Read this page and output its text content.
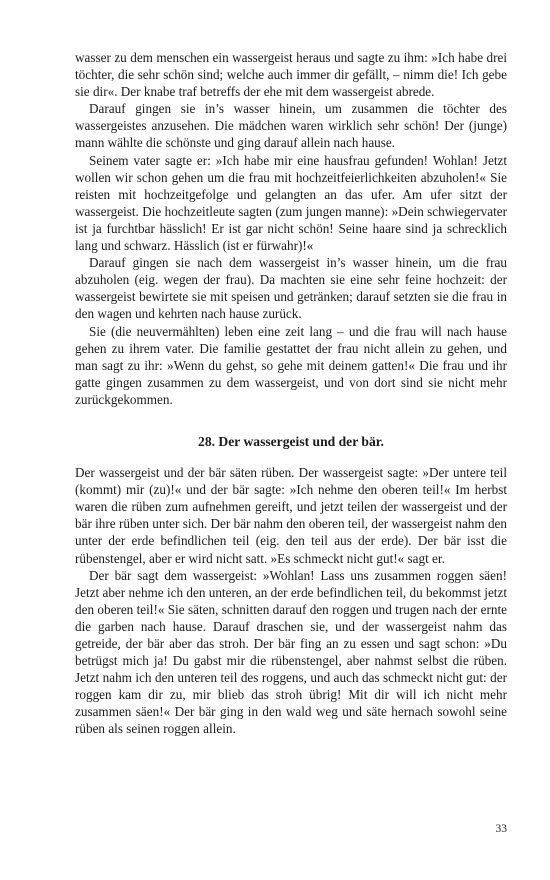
wasser zu dem menschen ein wassergeist heraus und sagte zu ihm: »Ich habe drei töchter, die sehr schön sind; welche auch immer dir gefällt, – nimm die! Ich gebe sie dir«. Der knabe traf betreffs der ehe mit dem wassergeist abrede.

Darauf gingen sie in’s wasser hinein, um zusammen die töchter des wassergeistes anzusehen. Die mädchen waren wirklich sehr schön! Der (junge) mann wählte die schönste und ging darauf allein nach hause.

Seinem vater sagte er: »Ich habe mir eine hausfrau gefunden! Wohlan! Jetzt wollen wir schon gehen um die frau mit hochzeitfeierlichkeiten abzuholen!« Sie reisten mit hochzeitgefolge und gelangten an das ufer. Am ufer sitzt der wassergeist. Die hochzeitleute sagten (zum jungen manne): »Dein schwiegervater ist ja furchtbar hässlich! Er ist gar nicht schön! Seine haare sind ja schrecklich lang und schwarz. Hässlich (ist er fürwahr)!«

Darauf gingen sie nach dem wassergeist in’s wasser hinein, um die frau abzuholen (eig. wegen der frau). Da machten sie eine sehr feine hochzeit: der wassergeist bewirtete sie mit speisen und getränken; darauf setzten sie die frau in den wagen und kehrten nach hause zurück.

Sie (die neuvermählten) leben eine zeit lang – und die frau will nach hause gehen zu ihrem vater. Die familie gestattet der frau nicht allein zu gehen, und man sagt zu ihr: »Wenn du gehst, so gehe mit deinem gatten!« Die frau und ihr gatte gingen zusammen zu dem wassergeist, und von dort sind sie nicht mehr zurückgekommen.

28. Der wassergeist und der bär.

Der wassergeist und der bär säten rüben. Der wassergeist sagte: »Der untere teil (kommt) mir (zu)!« und der bär sagte: »Ich nehme den oberen teil!« Im herbst waren die rüben zum aufnehmen gereift, und jetzt teilen der wassergeist und der bär ihre rüben unter sich. Der bär nahm den oberen teil, der wassergeist nahm den unter der erde befindlichen teil (eig. den teil aus der erde). Der bär isst die rübenstengel, aber er wird nicht satt. »Es schmeckt nicht gut!« sagt er.

Der bär sagt dem wassergeist: »Wohlan! Lass uns zusammen roggen säen! Jetzt aber nehme ich den unteren, an der erde befindlichen teil, du bekommst jetzt den oberen teil!« Sie säten, schnitten darauf den roggen und trugen nach der ernte die garben nach hause. Darauf draschen sie, und der wassergeist nahm das getreide, der bär aber das stroh. Der bär fing an zu essen und sagt schon: »Du betrügst mich ja! Du gabst mir die rübenstengel, aber nahmst selbst die rüben. Jetzt nahm ich den unteren teil des roggens, und auch das schmeckt nicht gut: der roggen kam dir zu, mir blieb das stroh übrig! Mit dir will ich nicht mehr zusammen säen!« Der bär ging in den wald weg und säte hernach sowohl seine rüben als seinen roggen allein.

33
